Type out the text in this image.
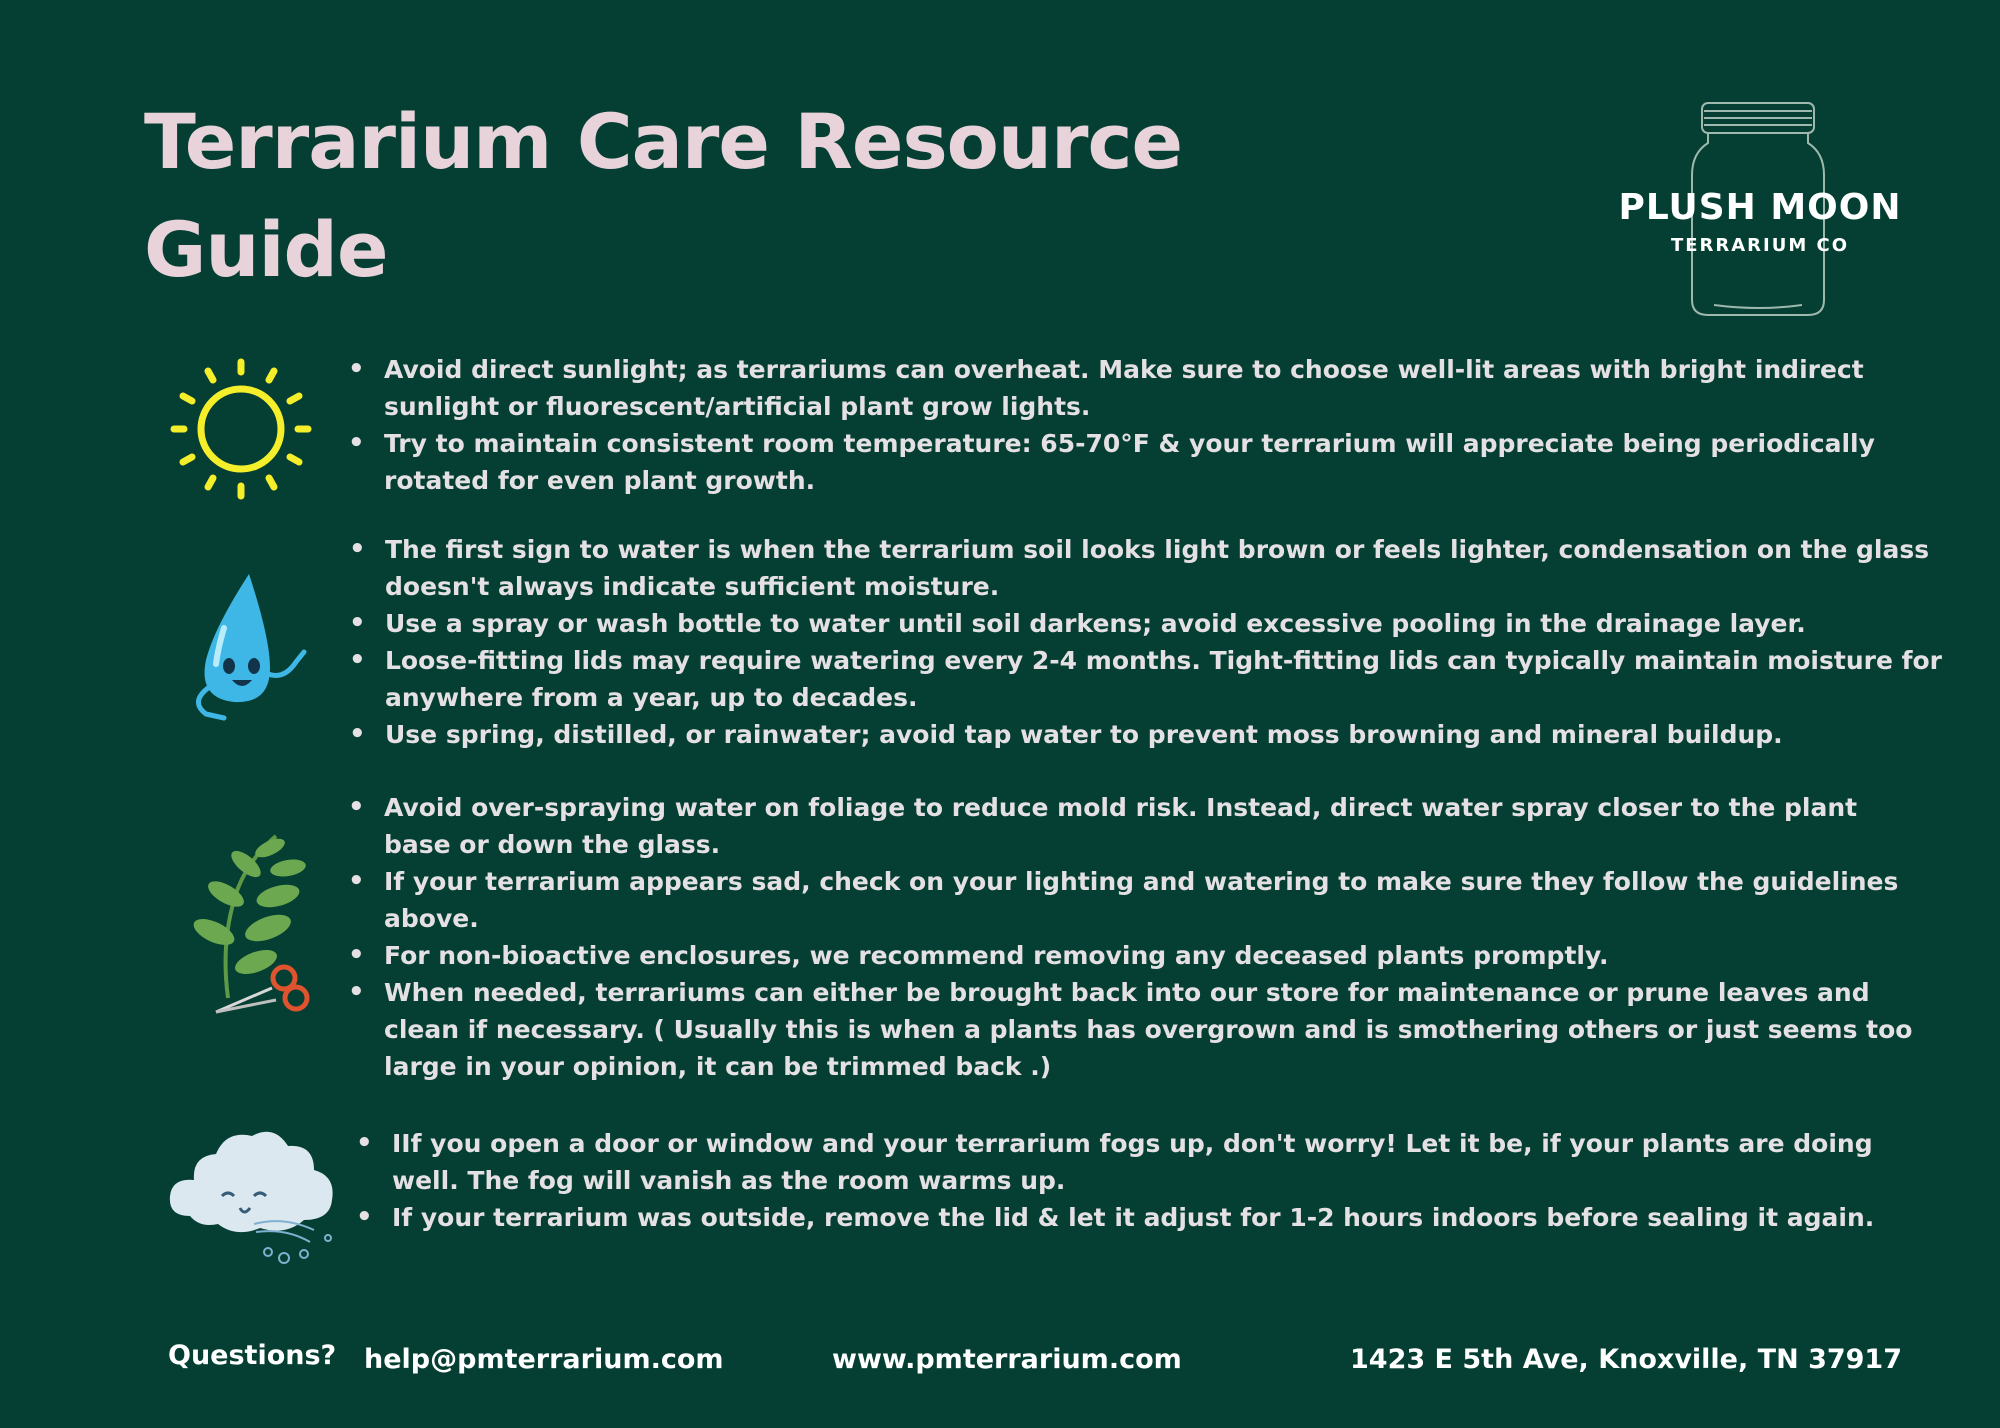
Terrarium Care Resource Guide	PLUSH MOON
TERRARIUM CO
• Avoid direct sunlight; as terrariums can overheat. Make sure to choose well-lit areas with bright indirect sunlight or fluorescent/artificial plant grow lights.
• Try to maintain consistent room temperature: 65-70°F & your terrarium will appreciate being periodically rotated for even plant growth.
• The first sign to water is when the terrarium soil looks light brown or feels lighter, condensation on the glass doesn't always indicate sufficient moisture.
• Use a spray or wash bottle to water until soil darkens; avoid excessive pooling in the drainage layer.
• Loose-fitting lids may require watering every 2-4 months. Tight-fitting lids can typically maintain moisture for anywhere from a year, up to decades.
• Use spring, distilled, or rainwater; avoid tap water to prevent moss browning and mineral buildup.
• Avoid over-spraying water on foliage to reduce mold risk. Instead, direct water spray closer to the plant base or down the glass.
• If your terrarium appears sad, check on your lighting and watering to make sure they follow the guidelines above.
• For non-bioactive enclosures, we recommend removing any deceased plants promptly.
• When needed, terrariums can either be brought back into our store for maintenance or prune leaves and clean if necessary. ( Usually this is when a plants has overgrown and is smothering others or just seems too large in your opinion, it can be trimmed back .)
• IIf you open a door or window and your terrarium fogs up, don't worry! Let it be, if your plants are doing well. The fog will vanish as the room warms up.
• If your terrarium was outside, remove the lid & let it adjust for 1-2 hours indoors before sealing it again.
Questions? help@pmterrarium.com	www.pmterrarium.com	1423 E 5th Ave, Knoxville, TN 37917
